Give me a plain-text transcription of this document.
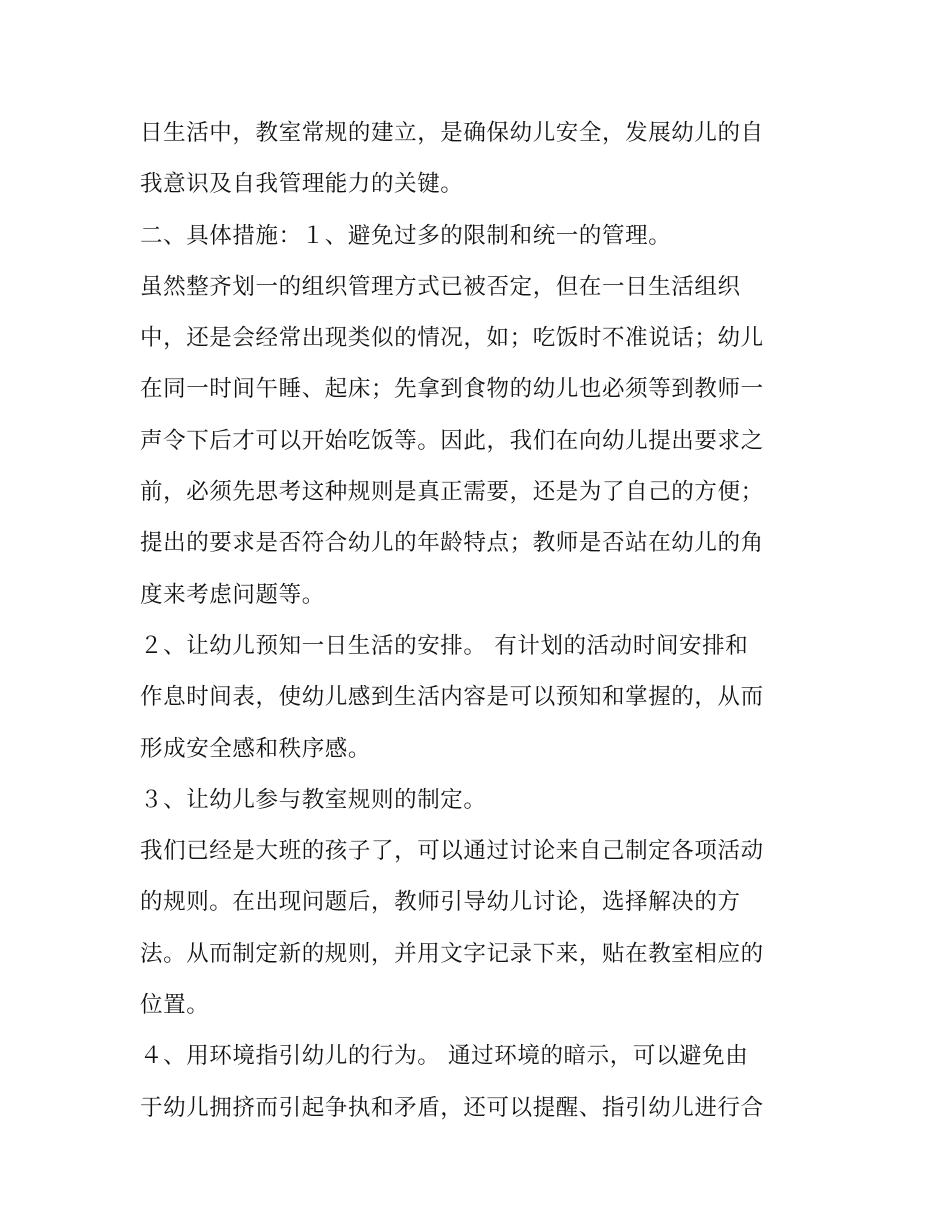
日生活中，教室常规的建立，是确保幼儿安全，发展幼儿的自
我意识及自我管理能力的关键。
二、具体措施：１、避免过多的限制和统一的管理。
虽然整齐划一的组织管理方式已被否定，但在一日生活组织
中，还是会经常出现类似的情况，如；吃饭时不准说话；幼儿
在同一时间午睡、起床；先拿到食物的幼儿也必须等到教师一
声令下后才可以开始吃饭等。因此，我们在向幼儿提出要求之
前，必须先思考这种规则是真正需要，还是为了自己的方便；
提出的要求是否符合幼儿的年龄特点；教师是否站在幼儿的角
度来考虑问题等。
２、让幼儿预知一日生活的安排。 有计划的活动时间安排和
作息时间表，使幼儿感到生活内容是可以预知和掌握的，从而
形成安全感和秩序感。
３、让幼儿参与教室规则的制定。
我们已经是大班的孩子了，可以通过讨论来自己制定各项活动
的规则。在出现问题后，教师引导幼儿讨论，选择解决的方
法。从而制定新的规则，并用文字记录下来，贴在教室相应的
位置。
４、用环境指引幼儿的行为。 通过环境的暗示，可以避免由
于幼儿拥挤而引起争执和矛盾，还可以提醒、指引幼儿进行合
